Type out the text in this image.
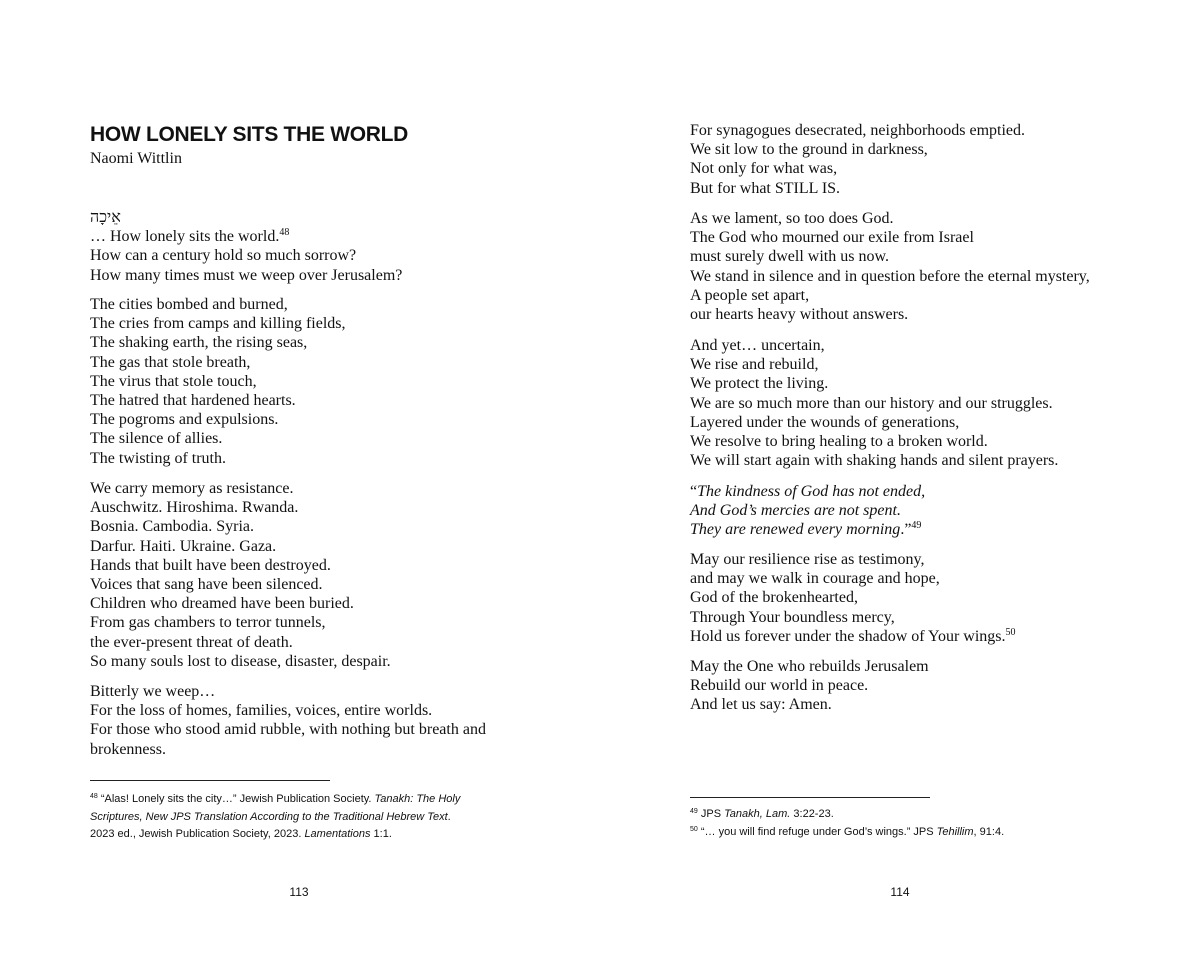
HOW LONELY SITS THE WORLD
Naomi Wittlin
אֵיכָה
… How lonely sits the world.$^{48}$
How can a century hold so much sorrow?
How many times must we weep over Jerusalem?
The cities bombed and burned,
The cries from camps and killing fields,
The shaking earth, the rising seas,
The gas that stole breath,
The virus that stole touch,
The hatred that hardened hearts.
The pogroms and expulsions.
The silence of allies.
The twisting of truth.
We carry memory as resistance.
Auschwitz. Hiroshima. Rwanda.
Bosnia. Cambodia. Syria.
Darfur. Haiti. Ukraine. Gaza.
Hands that built have been destroyed.
Voices that sang have been silenced.
Children who dreamed have been buried.
From gas chambers to terror tunnels,
the ever-present threat of death.
So many souls lost to disease, disaster, despair.
Bitterly we weep…
For the loss of homes, families, voices, entire worlds.
For those who stood amid rubble, with nothing but breath and
brokenness.
$^{48}$ “Alas! Lonely sits the city…” Jewish Publication Society. Tanakh: The Holy
Scriptures, New JPS Translation According to the Traditional Hebrew Text.
2023 ed., Jewish Publication Society, 2023. Lamentations 1:1.
113
For synagogues desecrated, neighborhoods emptied.
We sit low to the ground in darkness,
Not only for what was,
But for what STILL IS.
As we lament, so too does God.
The God who mourned our exile from Israel
must surely dwell with us now.
We stand in silence and in question before the eternal mystery,
A people set apart,
our hearts heavy without answers.
And yet… uncertain,
We rise and rebuild,
We protect the living.
We are so much more than our history and our struggles.
Layered under the wounds of generations,
We resolve to bring healing to a broken world.
We will start again with shaking hands and silent prayers.
“The kindness of God has not ended,
And God’s mercies are not spent.
They are renewed every morning.”$^{49}$
May our resilience rise as testimony,
and may we walk in courage and hope,
God of the brokenhearted,
Through Your boundless mercy,
Hold us forever under the shadow of Your wings.$^{50}$
May the One who rebuilds Jerusalem
Rebuild our world in peace.
And let us say: Amen.
$^{49}$ JPS Tanakh, Lam. 3:22-23.
$^{50}$ “… you will find refuge under God’s wings.” JPS Tehillim, 91:4.
114
